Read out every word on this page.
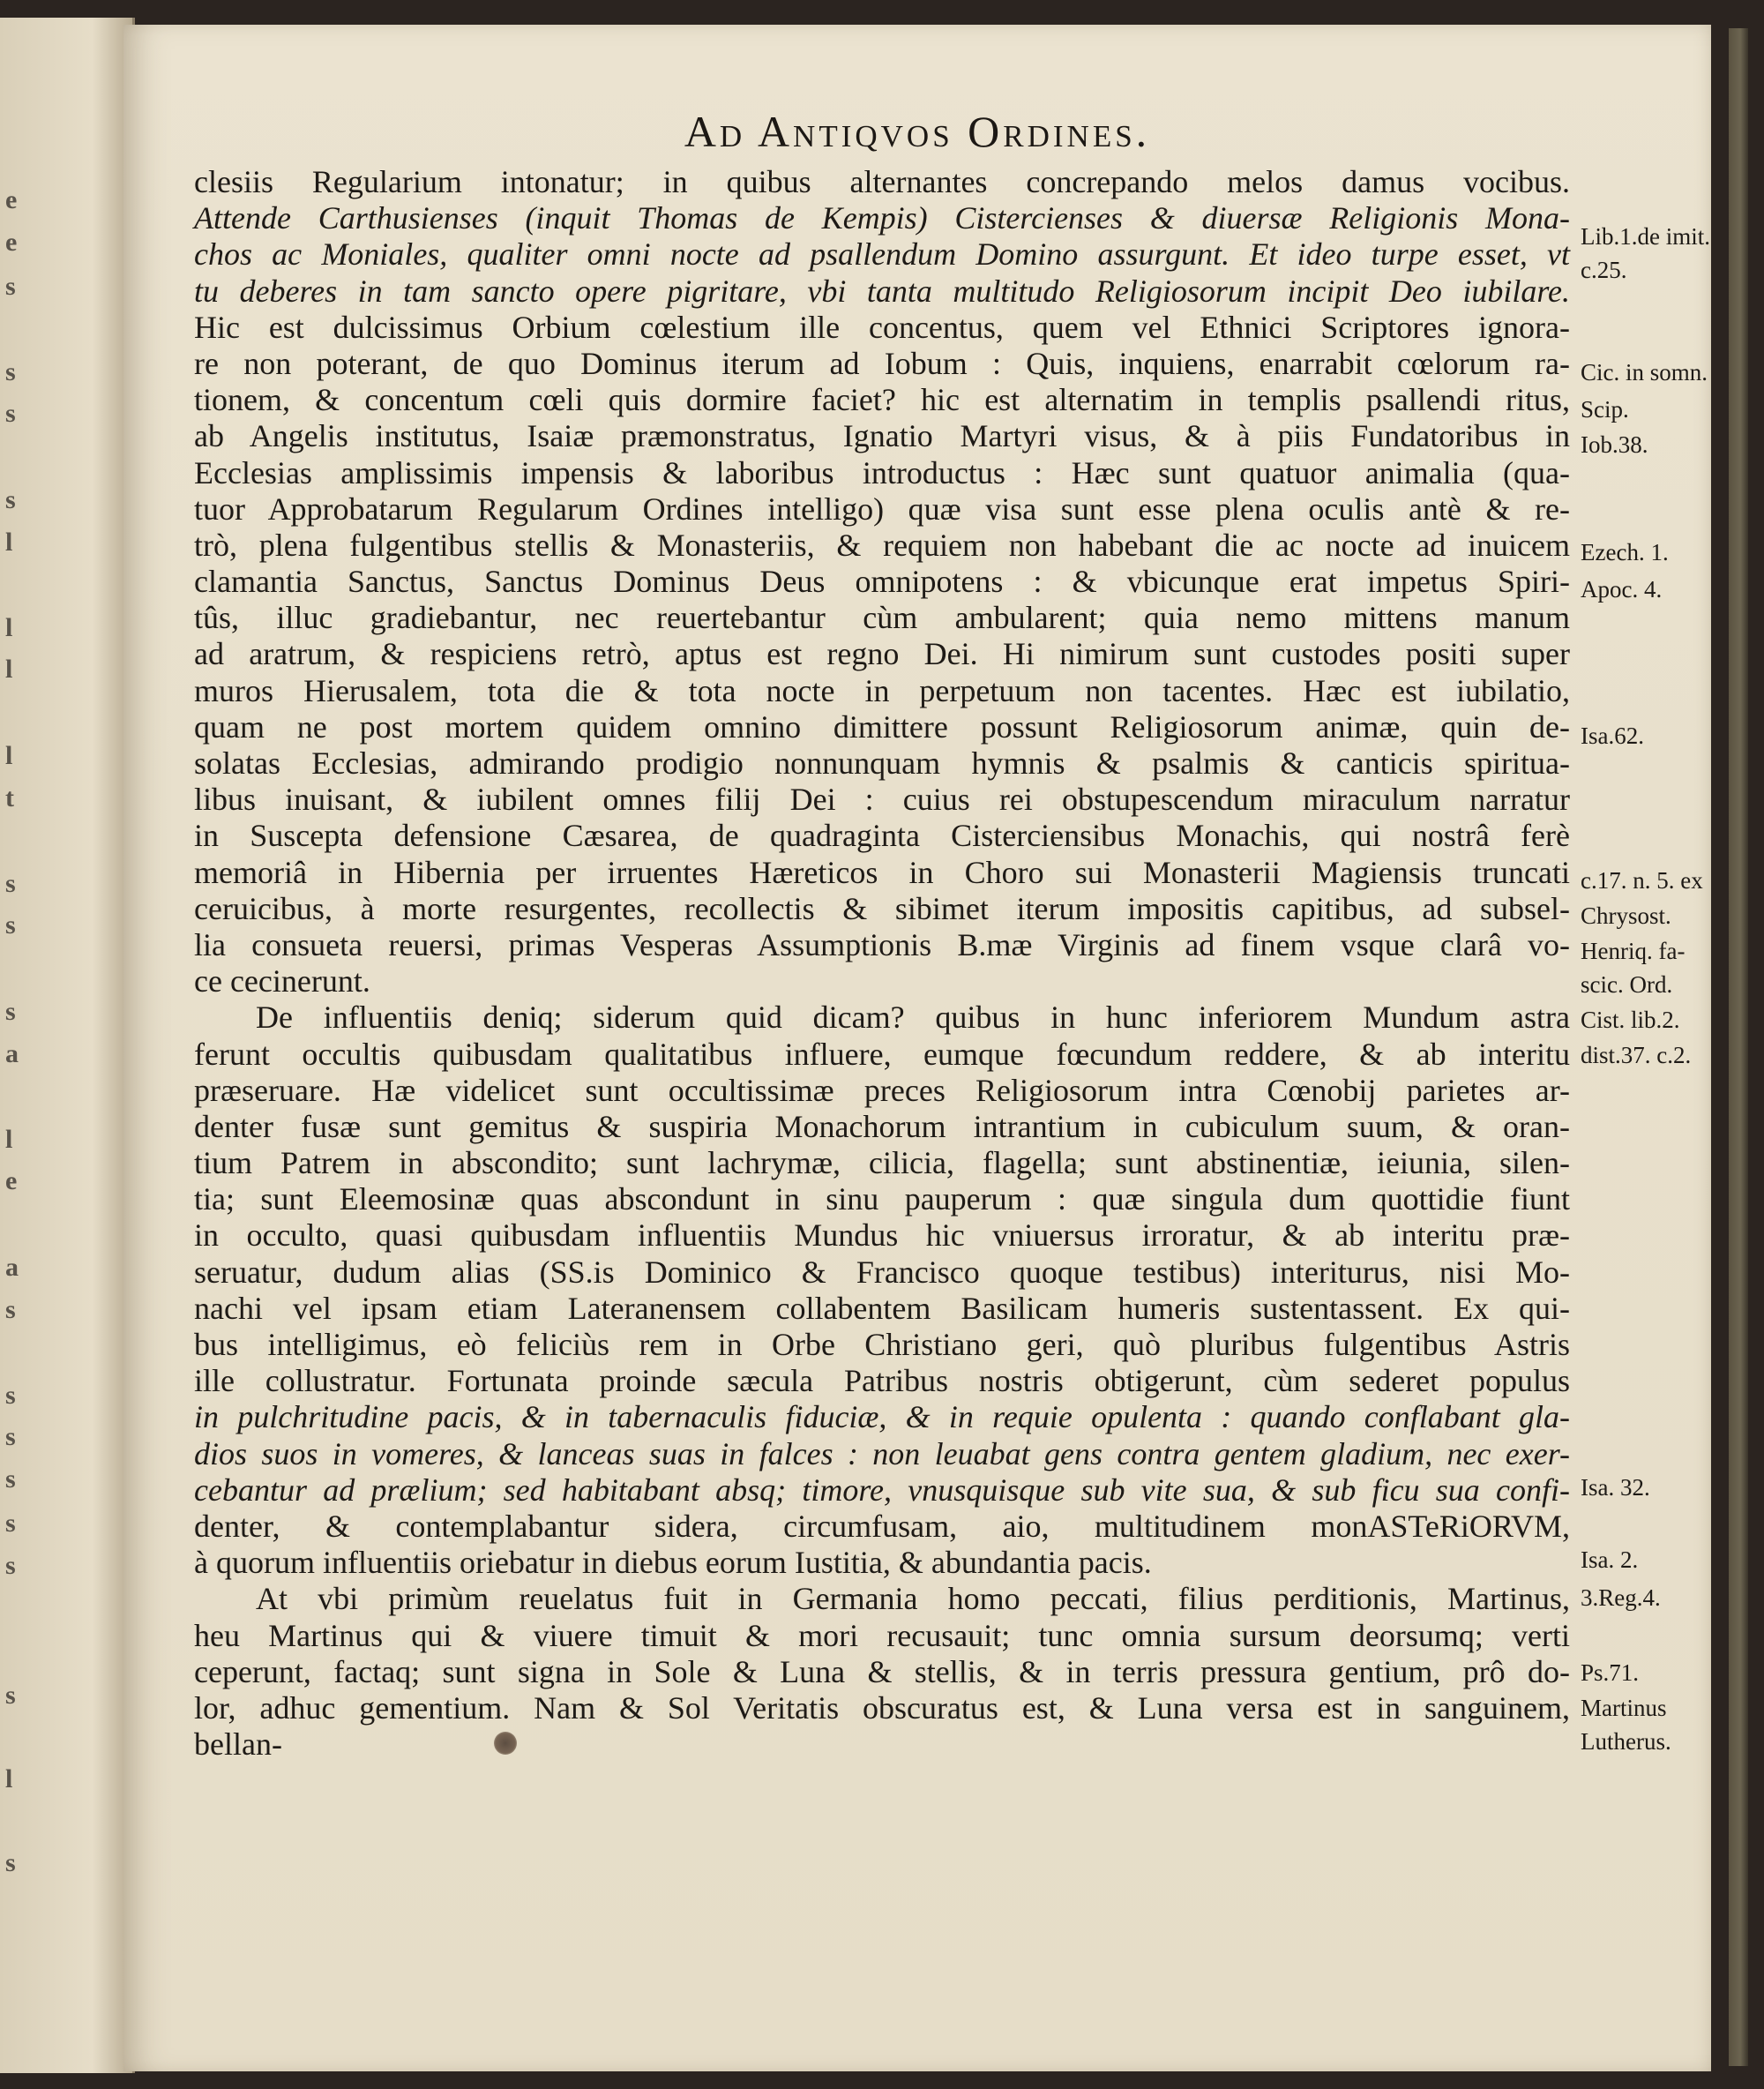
e
e
s
s
s
s
l
l
l
l
t
s
s
s
a
l
e
a
s
s
s
s
s
s
s
l
s
Ad Antiqvos Ordines.
clesiis Regularium intonatur; in quibus alternantes concrepando melos damus vocibus.
Attende Carthusienses (inquit Thomas de Kempis) Cistercienses & diuersæ Religionis Mona-
chos ac Moniales, qualiter omni nocte ad psallendum Domino assurgunt. Et ideo turpe esset, vt
tu deberes in tam sancto opere pigritare, vbi tanta multitudo Religiosorum incipit Deo iubilare.
Hic est dulcissimus Orbium cœlestium ille concentus, quem vel Ethnici Scriptores ignora-
re non poterant, de quo Dominus iterum ad Iobum : Quis, inquiens, enarrabit cœlorum ra-
tionem, & concentum cœli quis dormire faciet? hic est alternatim in templis psallendi ritus,
ab Angelis institutus, Isaiæ præmonstratus, Ignatio Martyri visus, & à piis Fundatoribus in
Ecclesias amplissimis impensis & laboribus introductus : Hæc sunt quatuor animalia (qua-
tuor Approbatarum Regularum Ordines intelligo) quæ visa sunt esse plena oculis antè & re-
trò, plena fulgentibus stellis & Monasteriis, & requiem non habebant die ac nocte ad inuicem
clamantia Sanctus, Sanctus Dominus Deus omnipotens : & vbicunque erat impetus Spiri-
tûs, illuc gradiebantur, nec reuertebantur cùm ambularent; quia nemo mittens manum
ad aratrum, & respiciens retrò, aptus est regno Dei. Hi nimirum sunt custodes positi super
muros Hierusalem, tota die & tota nocte in perpetuum non tacentes. Hæc est iubilatio,
quam ne post mortem quidem omnino dimittere possunt Religiosorum animæ, quin de-
solatas Ecclesias, admirando prodigio nonnunquam hymnis & psalmis & canticis spiritua-
libus inuisant, & iubilent omnes filij Dei : cuius rei obstupescendum miraculum narratur
in Suscepta defensione Cæsarea, de quadraginta Cisterciensibus Monachis, qui nostrâ ferè
memoriâ in Hibernia per irruentes Hæreticos in Choro sui Monasterii Magiensis truncati
ceruicibus, à morte resurgentes, recollectis & sibimet iterum impositis capitibus, ad subsel-
lia consueta reuersi, primas Vesperas Assumptionis B.mæ Virginis ad finem vsque clarâ vo-
ce cecinerunt.
De influentiis deniq; siderum quid dicam? quibus in hunc inferiorem Mundum astra
ferunt occultis quibusdam qualitatibus influere, eumque fœcundum reddere, & ab interitu
præseruare. Hæ videlicet sunt occultissimæ preces Religiosorum intra Cœnobij parietes ar-
denter fusæ sunt gemitus & suspiria Monachorum intrantium in cubiculum suum, & oran-
tium Patrem in abscondito; sunt lachrymæ, cilicia, flagella; sunt abstinentiæ, ieiunia, silen-
tia; sunt Eleemosinæ quas abscondunt in sinu pauperum : quæ singula dum quottidie fiunt
in occulto, quasi quibusdam influentiis Mundus hic vniuersus irroratur, & ab interitu præ-
seruatur, dudum alias (SS.is Dominico & Francisco quoque testibus) interiturus, nisi Mo-
nachi vel ipsam etiam Lateranensem collabentem Basilicam humeris sustentassent. Ex qui-
bus intelligimus, eò feliciùs rem in Orbe Christiano geri, quò pluribus fulgentibus Astris
ille collustratur. Fortunata proinde sæcula Patribus nostris obtigerunt, cùm sederet populus
in pulchritudine pacis, & in tabernaculis fiduciæ, & in requie opulenta : quando conflabant gla-
dios suos in vomeres, & lanceas suas in falces : non leuabat gens contra gentem gladium, nec exer-
cebantur ad prælium; sed habitabant absq; timore, vnusquisque sub vite sua, & sub ficu sua confi-
denter, & contemplabantur sidera, circumfusam, aio, multitudinem monASTeRiORVM,
à quorum influentiis oriebatur in diebus eorum Iustitia, & abundantia pacis.
At vbi primùm reuelatus fuit in Germania homo peccati, filius perditionis, Martinus,
heu Martinus qui & viuere timuit & mori recusauit; tunc omnia sursum deorsumq; verti
ceperunt, factaq; sunt signa in Sole & Luna & stellis, & in terris pressura gentium, prô do-
lor, adhuc gementium. Nam & Sol Veritatis obscuratus est, & Luna versa est in sanguinem,
bellan-
Lib.1.de imit.
c.25.
Cic. in somn.
Scip.
Iob.38.
Ezech. 1.
Apoc. 4.
Isa.62.
c.17. n. 5. ex
Chrysost.
Henriq. fa-
scic. Ord.
Cist. lib.2.
dist.37. c.2.
Isa. 32.
Isa. 2.
3.Reg.4.
Ps.71.
Martinus
Lutherus.
